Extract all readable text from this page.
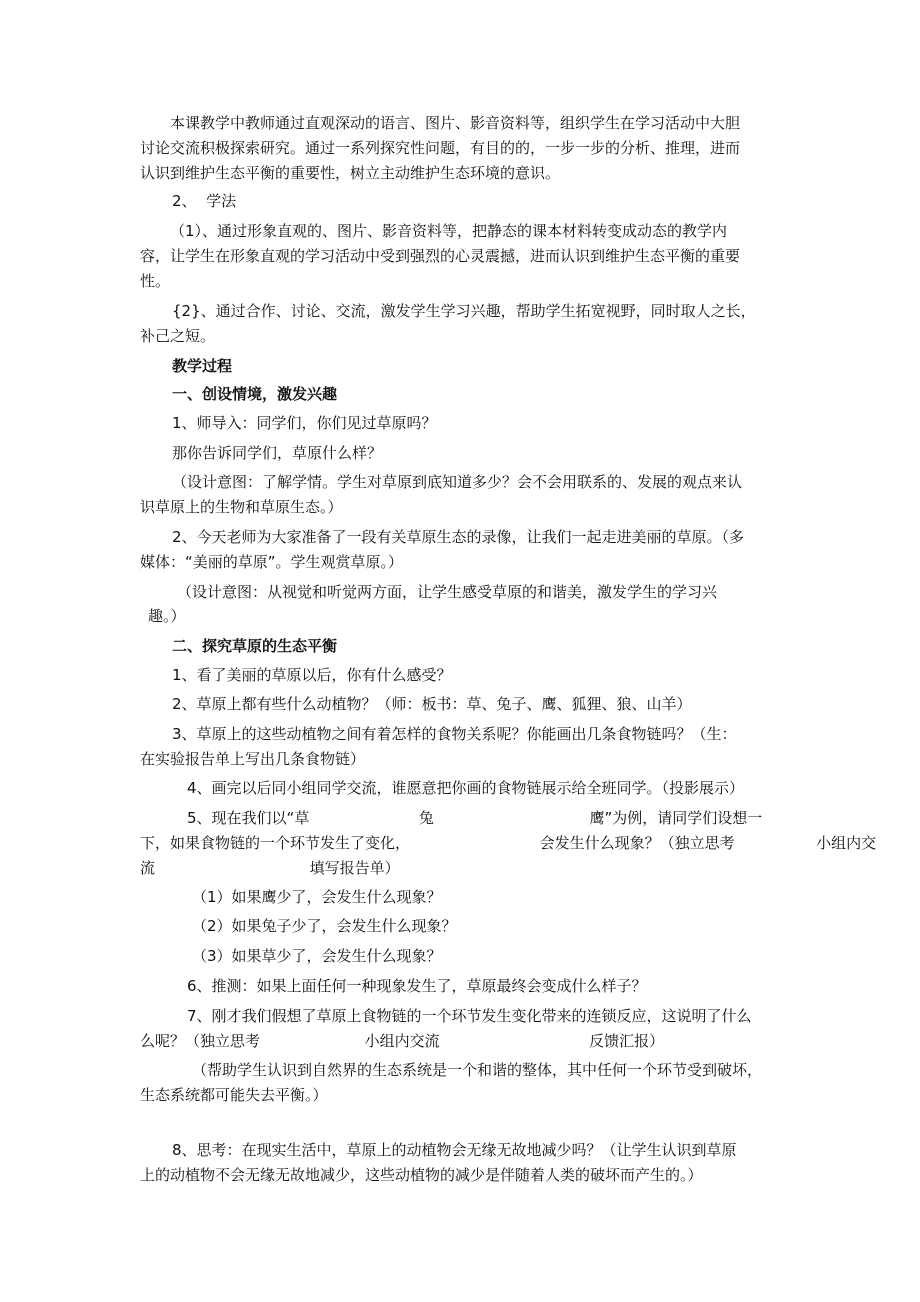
本课教学中教师通过直观深动的语言、图片、影音资料等，组织学生在学习活动中大胆
讨论交流积极探索研究。通过一系列探究性问题，有目的的，一步一步的分析、推理，进而
认识到维护生态平衡的重要性，树立主动维护生态环境的意识。
2、  学法
（1）、通过形象直观的、图片、影音资料等，把静态的课本材料转变成动态的教学内
容，让学生在形象直观的学习活动中受到强烈的心灵震撼，进而认识到维护生态平衡的重要
性。
{2}、通过合作、讨论、交流，激发学生学习兴趣，帮助学生拓宽视野，同时取人之长，
补己之短。
教学过程
一、创设情境，激发兴趣
1、师导入：同学们，你们见过草原吗？
那你告诉同学们，草原什么样？
（设计意图：了解学情。学生对草原到底知道多少？会不会用联系的、发展的观点来认
识草原上的生物和草原生态。）
2、今天老师为大家准备了一段有关草原生态的录像，让我们一起走进美丽的草原。（多
媒体：“美丽的草原”。学生观赏草原。）
（设计意图：从视觉和听觉两方面，让学生感受草原的和谐美，激发学生的学习兴
趣。）
二、探究草原的生态平衡
1、看了美丽的草原以后，你有什么感受？
2、草原上都有些什么动植物？（师：板书：草、兔子、鹰、狐狸、狼、山羊）
3、草原上的这些动植物之间有着怎样的食物关系呢？你能画出几条食物链吗？（生：
在实验报告单上写出几条食物链）
4、画完以后同小组同学交流，谁愿意把你画的食物链展示给全班同学。（投影展示）
5、现在我们以“草	兔	鹰”为例，请同学们设想一
下，如果食物链的一个环节发生了变化，	会发生什么现象？（独立思考	小组内交
流	填写报告单）
（1）如果鹰少了，会发生什么现象？
（2）如果兔子少了，会发生什么现象？
（3）如果草少了，会发生什么现象？
6、推测：如果上面任何一种现象发生了，草原最终会变成什么样子？
7、刚才我们假想了草原上食物链的一个环节发生变化带来的连锁反应，这说明了什么
么呢？（独立思考	小组内交流	反馈汇报）
（帮助学生认识到自然界的生态系统是一个和谐的整体，其中任何一个环节受到破坏，
生态系统都可能失去平衡。）
8、思考：在现实生活中，草原上的动植物会无缘无故地减少吗？（让学生认识到草原
上的动植物不会无缘无故地减少，这些动植物的减少是伴随着人类的破坏而产生的。）
